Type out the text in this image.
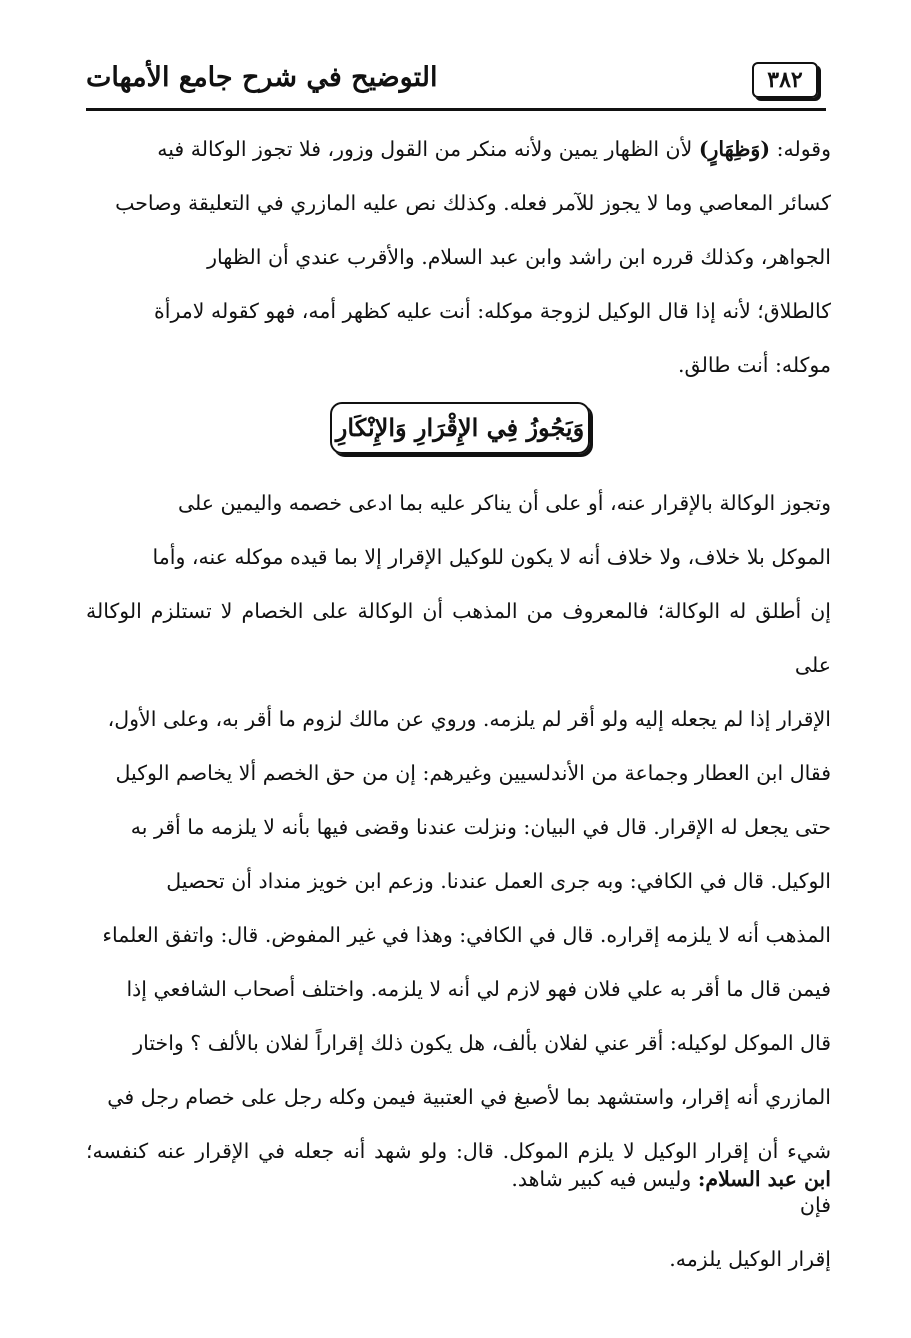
التوضيح في شرح جامع الأمهات	٣٨٢
وقوله: (وَظِهَارٍ) لأن الظهار يمين ولأنه منكر من القول وزور، فلا تجوز الوكالة فيه
كسائر المعاصي وما لا يجوز للآمر فعله. وكذلك نص عليه المازري في التعليقة وصاحب
الجواهر، وكذلك قرره ابن راشد وابن عبد السلام. والأقرب عندي أن الظهار
كالطلاق؛ لأنه إذا قال الوكيل لزوجة موكله: أنت عليه كظهر أمه، فهو كقوله لامرأة
موكله: أنت طالق.
وَيَجُوزُ فِي الإِقْرَارِ وَالإِنْكَارِ
وتجوز الوكالة بالإقرار عنه، أو على أن يناكر عليه بما ادعى خصمه واليمين على
الموكل بلا خلاف، ولا خلاف أنه لا يكون للوكيل الإقرار إلا بما قيده موكله عنه، وأما
إن أطلق له الوكالة؛ فالمعروف من المذهب أن الوكالة على الخصام لا تستلزم الوكالة على
الإقرار إذا لم يجعله إليه ولو أقر لم يلزمه. وروي عن مالك لزوم ما أقر به، وعلى الأول،
فقال ابن العطار وجماعة من الأندلسيين وغيرهم: إن من حق الخصم ألا يخاصم الوكيل
حتى يجعل له الإقرار. قال في البيان: ونزلت عندنا وقضى فيها بأنه لا يلزمه ما أقر به
الوكيل. قال في الكافي: وبه جرى العمل عندنا. وزعم ابن خويز منداد أن تحصيل
المذهب أنه لا يلزمه إقراره. قال في الكافي: وهذا في غير المفوض. قال: واتفق العلماء
فيمن قال ما أقر به علي فلان فهو لازم لي أنه لا يلزمه. واختلف أصحاب الشافعي إذا
قال الموكل لوكيله: أقر عني لفلان بألف، هل يكون ذلك إقراراً لفلان بالألف ؟ واختار
المازري أنه إقرار، واستشهد بما لأصبغ في العتبية فيمن وكله رجل على خصام رجل في
شيء أن إقرار الوكيل لا يلزم الموكل. قال: ولو شهد أنه جعله في الإقرار عنه كنفسه؛ فإن
إقرار الوكيل يلزمه.
ابن عبد السلام: وليس فيه كبير شاهد.
